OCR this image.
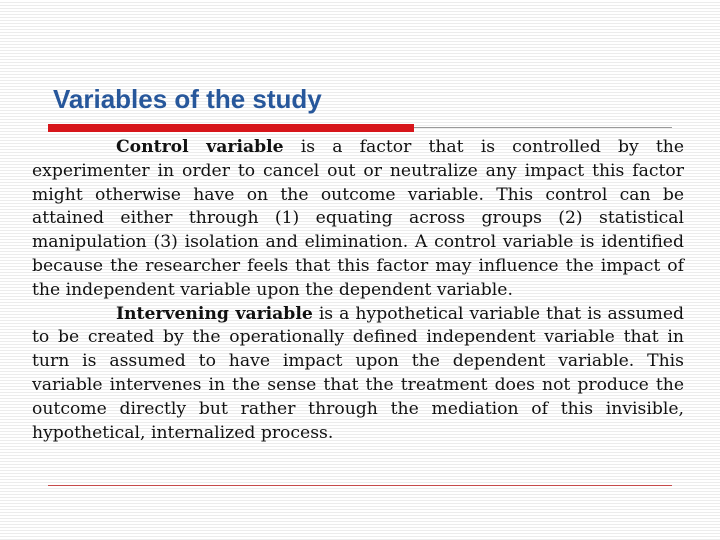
Variables of the study

Control variable is a factor that is controlled by the experimenter in order to cancel out or neutralize any impact this factor might otherwise have on the outcome variable. This control can be attained either through (1) equating across groups (2) statistical manipulation (3) isolation and elimination. A control variable is identified because the researcher feels that this factor may influence the impact of the independent variable upon the dependent variable.

Intervening variable is a hypothetical variable that is assumed to be created by the operationally defined independent variable that in turn is assumed to have impact upon the dependent variable. This variable intervenes in the sense that the treatment does not produce the outcome directly but rather through the mediation of this invisible, hypothetical, internalized process.
